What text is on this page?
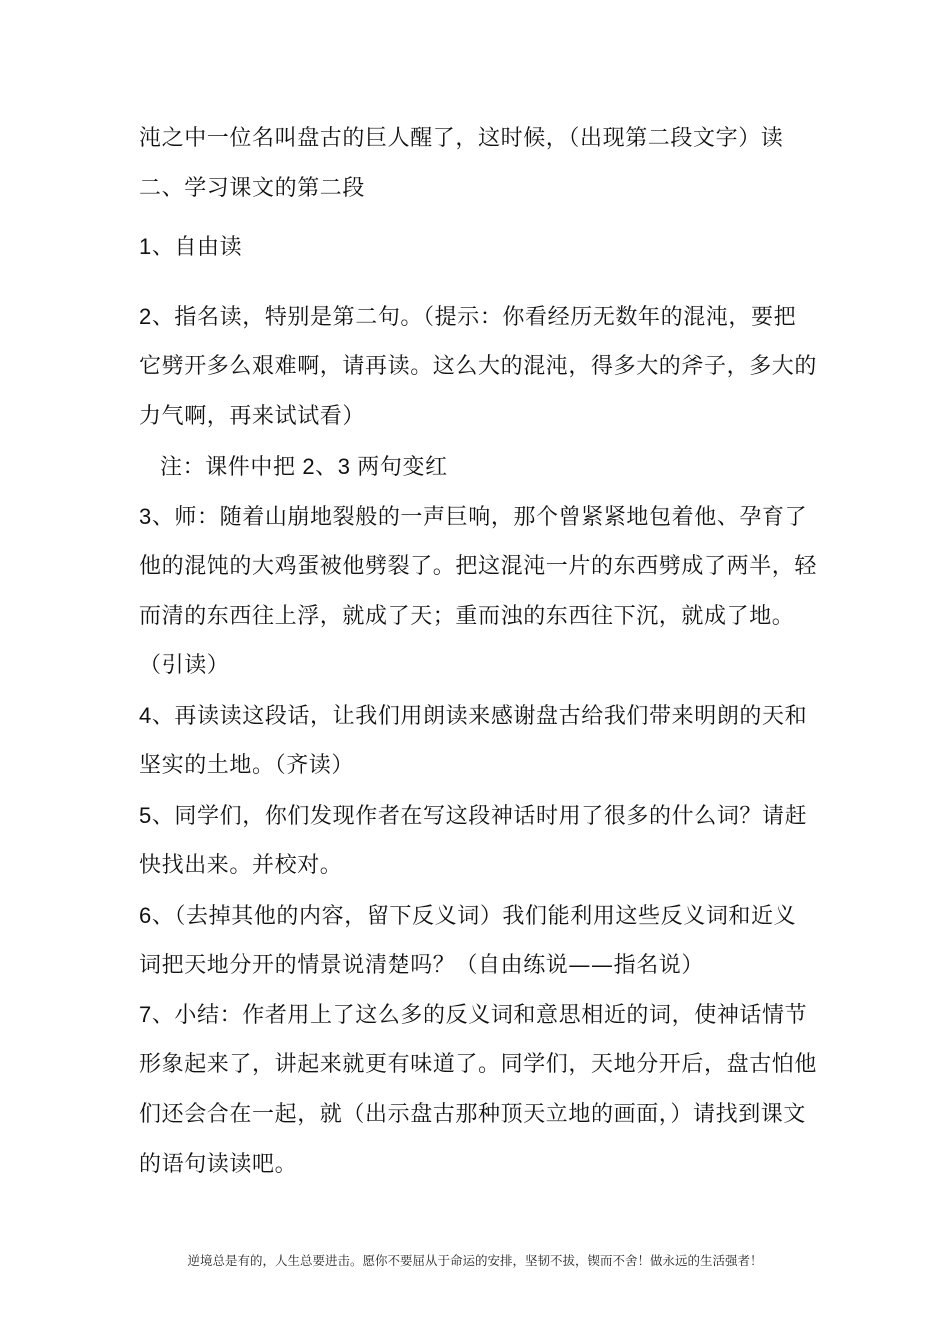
沌之中一位名叫盘古的巨人醒了，这时候，（出现第二段文字）读
二、学习课文的第二段
1、自由读
2、指名读，特别是第二句。（提示：你看经历无数年的混沌，要把
它劈开多么艰难啊，请再读。这么大的混沌，得多大的斧子，多大的
力气啊，再来试试看）
注：课件中把 2、3 两句变红
3、师：随着山崩地裂般的一声巨响，那个曾紧紧地包着他、孕育了
他的混饨的大鸡蛋被他劈裂了。把这混沌一片的东西劈成了两半，轻
而清的东西往上浮，就成了天；重而浊的东西往下沉，就成了地。
（引读）
4、再读读这段话，让我们用朗读来感谢盘古给我们带来明朗的天和
坚实的土地。（齐读）
5、同学们，你们发现作者在写这段神话时用了很多的什么词？请赶
快找出来。并校对。
6、（去掉其他的内容，留下反义词）我们能利用这些反义词和近义
词把天地分开的情景说清楚吗？（自由练说——指名说）
7、小结：作者用上了这么多的反义词和意思相近的词，使神话情节
形象起来了，讲起来就更有味道了。同学们，天地分开后，盘古怕他
们还会合在一起，就（出示盘古那种顶天立地的画面，）请找到课文
的语句读读吧。
逆境总是有的，人生总要进击。愿你不要屈从于命运的安排，坚韧不拔，锲而不舍！做永远的生活强者！
